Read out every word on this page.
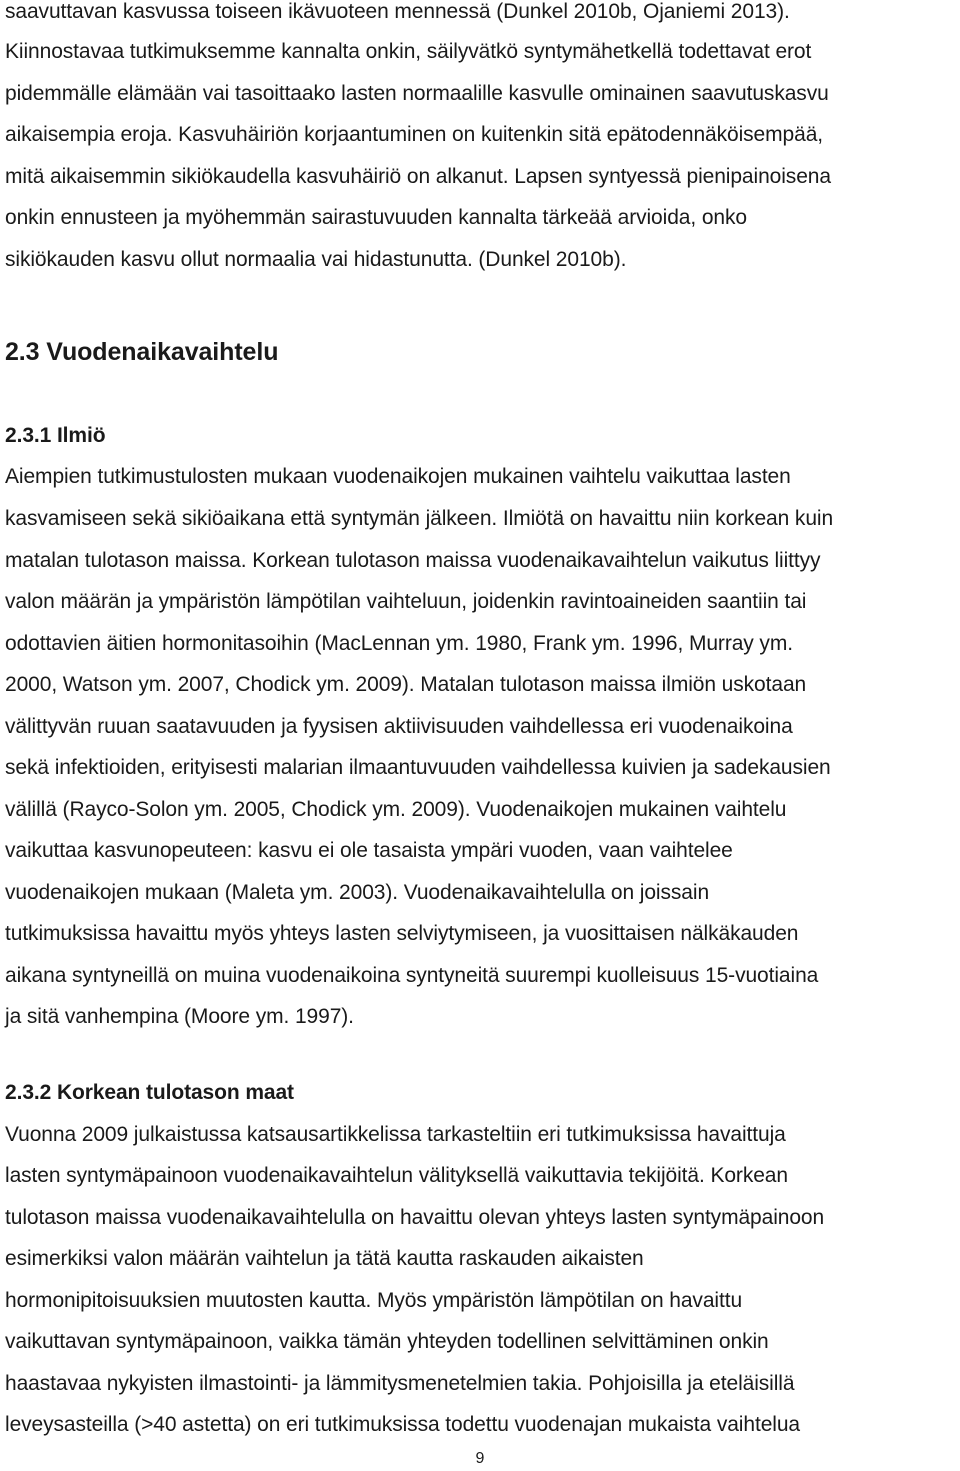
saavuttavan kasvussa toiseen ikävuoteen mennessä (Dunkel 2010b, Ojaniemi 2013).
Kiinnostavaa tutkimuksemme kannalta onkin, säilyvätkö syntymähetkellä todettavat erot
pidemmälle elämään vai tasoittaako lasten normaalille kasvulle ominainen saavutuskasvu
aikaisempia eroja. Kasvuhäiriön korjaantuminen on kuitenkin sitä epätodennäköisempää,
mitä aikaisemmin sikiökaudella kasvuhäiriö on alkanut. Lapsen syntyessä pienipainoisena
onkin ennusteen ja myöhemmän sairastuvuuden kannalta tärkeää arvioida, onko
sikiökauden kasvu ollut normaalia vai hidastunutta. (Dunkel 2010b).
2.3 Vuodenaikavaihtelu
2.3.1 Ilmiö
Aiempien tutkimustulosten mukaan vuodenaikojen mukainen vaihtelu vaikuttaa lasten
kasvamiseen sekä sikiöaikana että syntymän jälkeen. Ilmiötä on havaittu niin korkean kuin
matalan tulotason maissa. Korkean tulotason maissa vuodenaikavaihtelun vaikutus liittyy
valon määrän ja ympäristön lämpötilan vaihteluun, joidenkin ravintoaineiden saantiin tai
odottavien äitien hormonitasoihin (MacLennan ym. 1980, Frank ym. 1996, Murray ym.
2000, Watson ym. 2007, Chodick ym. 2009). Matalan tulotason maissa ilmiön uskotaan
välittyvän ruuan saatavuuden ja fyysisen aktiivisuuden vaihdellessa eri vuodenaikoina
sekä infektioiden, erityisesti malarian ilmaantuvuuden vaihdellessa kuivien ja sadekausien
välillä (Rayco-Solon ym. 2005, Chodick ym. 2009). Vuodenaikojen mukainen vaihtelu
vaikuttaa kasvunopeuteen: kasvu ei ole tasaista ympäri vuoden, vaan vaihtelee
vuodenaikojen mukaan (Maleta ym. 2003). Vuodenaikavaihtelulla on joissain
tutkimuksissa havaittu myös yhteys lasten selviytymiseen, ja vuosittaisen nälkäkauden
aikana syntyneillä on muina vuodenaikoina syntyneitä suurempi kuolleisuus 15-vuotiaina
ja sitä vanhempina (Moore ym. 1997).
2.3.2 Korkean tulotason maat
Vuonna 2009 julkaistussa katsausartikkelissa tarkasteltiin eri tutkimuksissa havaittuja
lasten syntymäpainoon vuodenaikavaihtelun välityksellä vaikuttavia tekijöitä. Korkean
tulotason maissa vuodenaikavaihtelulla on havaittu olevan yhteys lasten syntymäpainoon
esimerkiksi valon määrän vaihtelun ja tätä kautta raskauden aikaisten
hormonipitoisuuksien muutosten kautta. Myös ympäristön lämpötilan on havaittu
vaikuttavan syntymäpainoon, vaikka tämän yhteyden todellinen selvittäminen onkin
haastavaa nykyisten ilmastointi- ja lämmitysmenetelmien takia. Pohjoisilla ja eteläisillä
leveysasteilla (>40 astetta) on eri tutkimuksissa todettu vuodenajan mukaista vaihtelua
9
